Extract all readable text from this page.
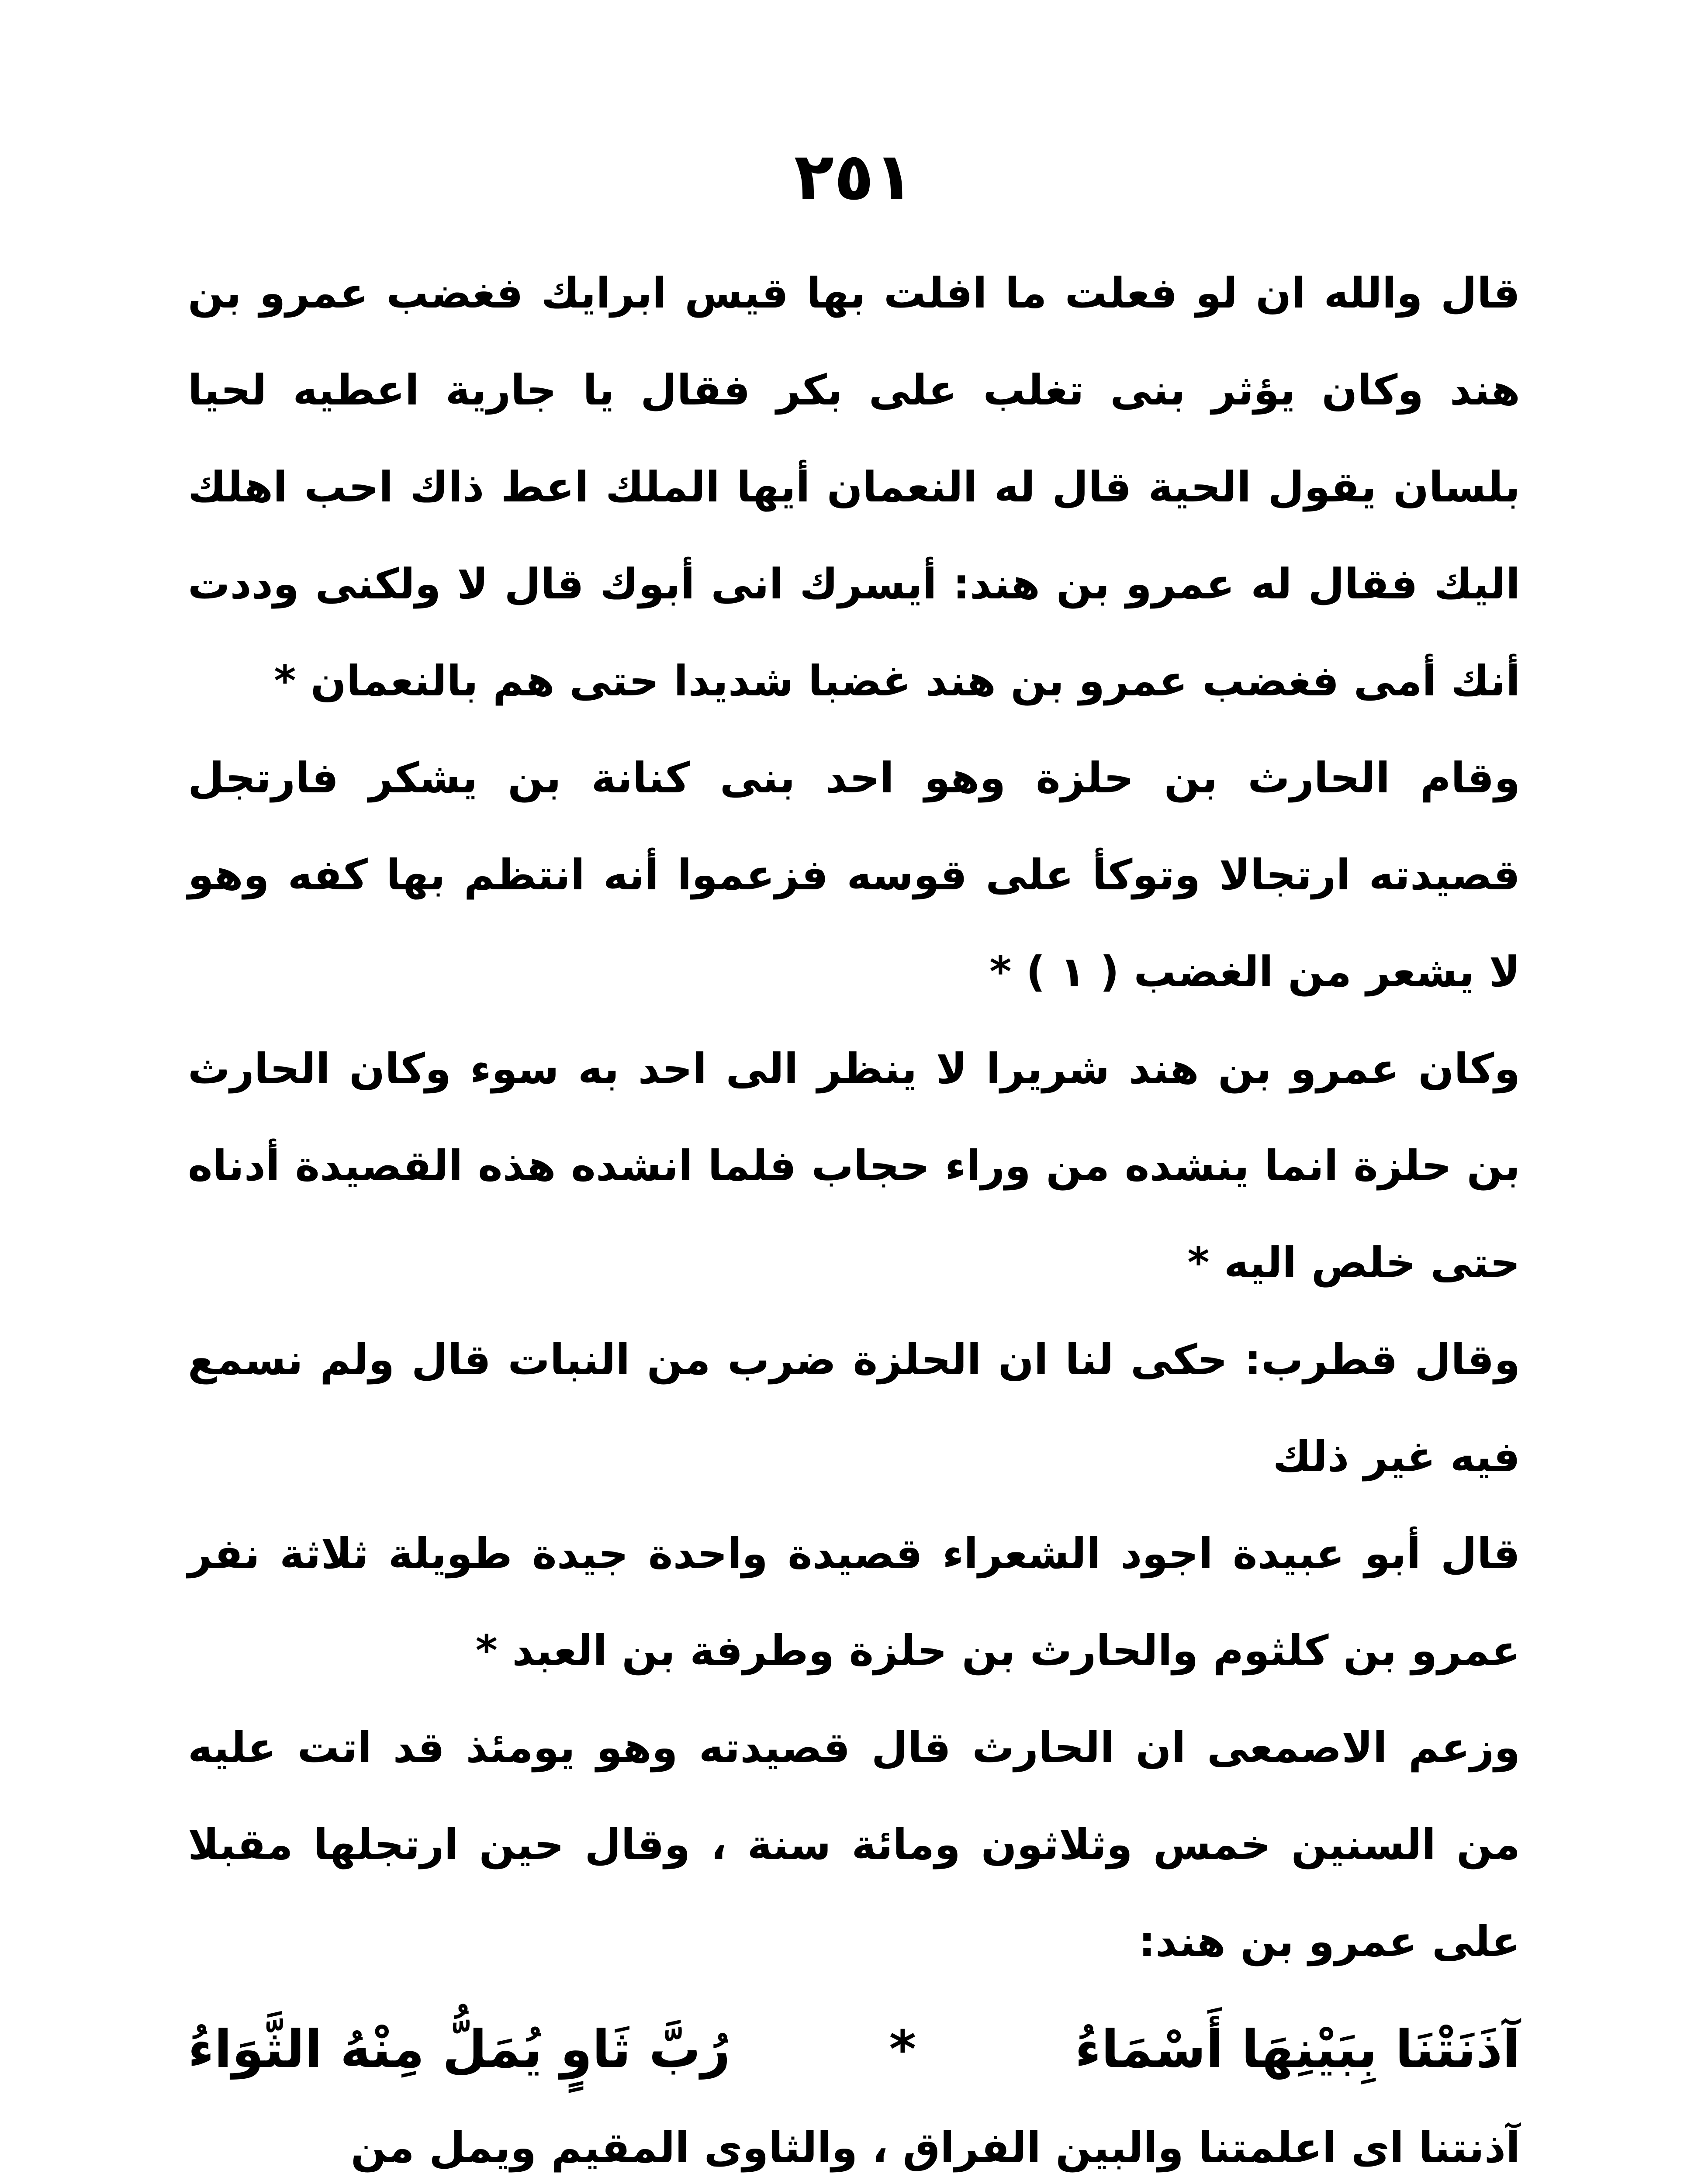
٢٥١

قال والله ان لو فعلت ما افلت بها قيس ابرايك فغضب عمرو بن هند وكان يؤثر بنى تغلب على بكر فقال يا جارية اعطيه لحيا بلسان يقول الحية قال له النعمان أيها الملك اعط ذاك احب اهلك اليك فقال له عمرو بن هند: أيسرك انى أبوك قال لا ولكنى وددت أنك أمى فغضب عمرو بن هند غضبا شديدا حتى هم بالنعمان *

وقام الحارث بن حلزة وهو احد بنى كنانة بن يشكر فارتجل قصيدته ارتجالا وتوكأ على قوسه فزعموا أنه انتظم بها كفه وهو لا يشعر من الغضب ( ١ ) *

وكان عمرو بن هند شريرا لا ينظر الى احد به سوء وكان الحارث بن حلزة انما ينشده من وراء حجاب فلما انشده هذه القصيدة أدناه حتى خلص اليه *

وقال قطرب: حكى لنا ان الحلزة ضرب من النبات قال ولم نسمع فيه غير ذلك

قال أبو عبيدة اجود الشعراء قصيدة واحدة جيدة طويلة ثلاثة نفر عمرو بن كلثوم والحارث بن حلزة وطرفة بن العبد *

وزعم الاصمعى ان الحارث قال قصيدته وهو يومئذ قد اتت عليه من السنين خمس وثلاثون ومائة سنة ، وقال حين ارتجلها مقبلا على عمرو بن هند:

آذَنَتْنَا بِبَيْنِهَا أَسْمَاءُ
*
رُبَّ ثَاوٍ يُمَلُّ مِنْهُ الثَّوَاءُ

آذنتنا اى اعلمتنا والبين الفراق ، والثاوى المقيم ويمل من
